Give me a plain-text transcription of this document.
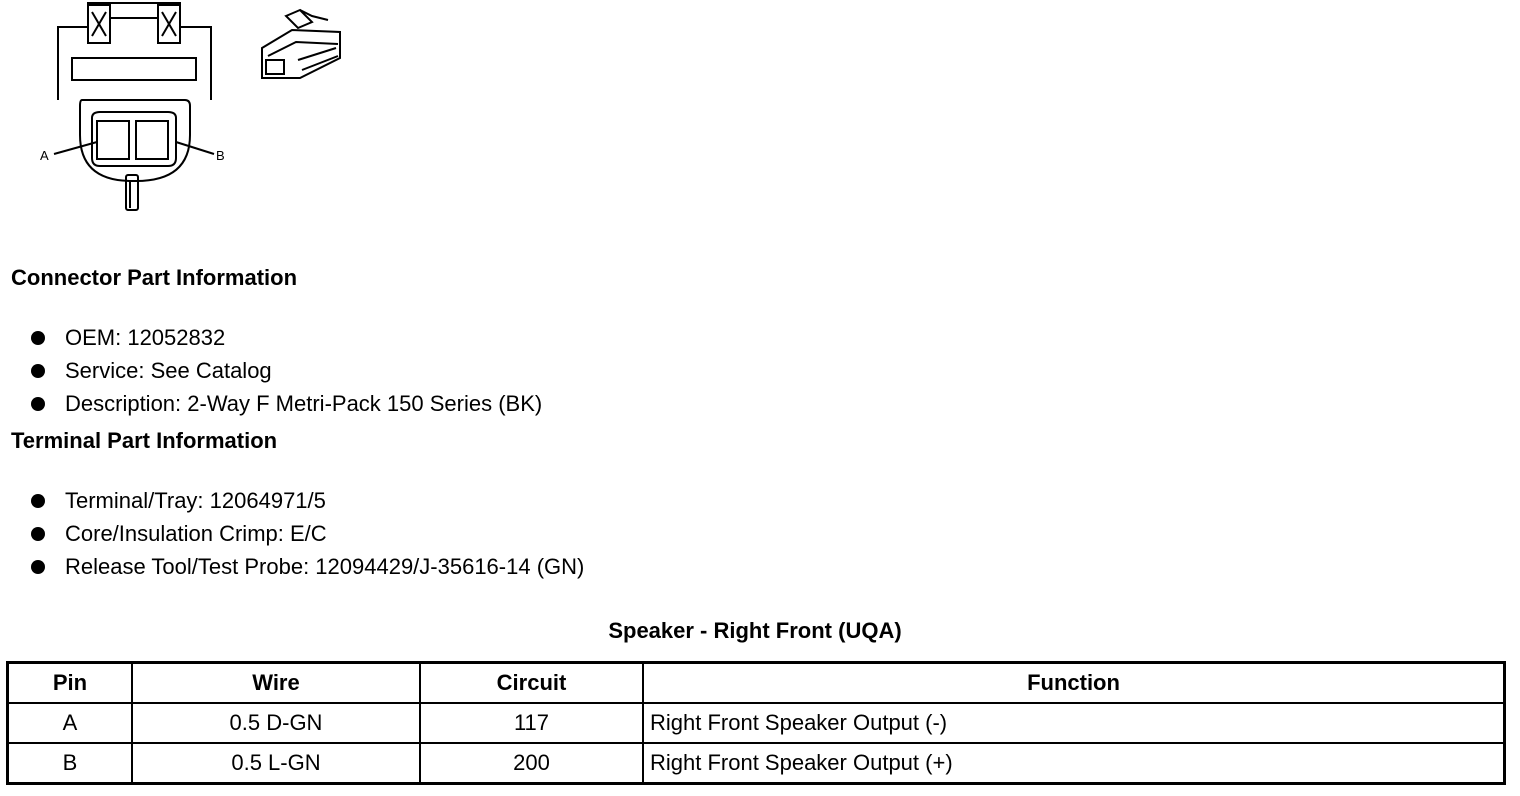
A	B
Connector Part Information
OEM: 12052832
Service: See Catalog
Description: 2-Way F Metri-Pack 150 Series (BK)
Terminal Part Information
Terminal/Tray: 12064971/5
Core/Insulation Crimp: E/C
Release Tool/Test Probe: 12094429/J-35616-14 (GN)
Speaker - Right Front (UQA)
Pin	Wire	Circuit	Function
A	0.5 D-GN	117	Right Front Speaker Output (-)
B	0.5 L-GN	200	Right Front Speaker Output (+)
